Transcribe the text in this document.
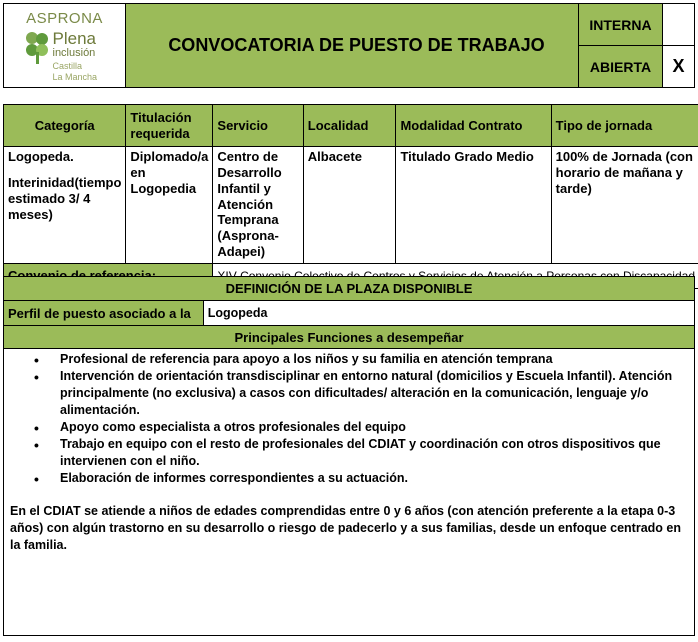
ASPRONA
Plena
inclusión
Castilla
La Mancha	CONVOCATORIA DE PUESTO DE TRABAJO	INTERNA	
		ABIERTA	X
Categoría	Titulación requerida	Servicio	Localidad	Modalidad Contrato	Tipo de jornada

Logopeda.
Interinidad(tiempo estimado 3/ 4 meses)	Diplomado/a en Logopedia	Centro de Desarrollo Infantil y Atención Temprana (Asprona-Adapei)	Albacete	Titulado Grado Medio	100% de Jornada (con horario de mañana y tarde)
Convenio de referencia:		XIV Convenio Colectivo de Centros y Servicios de Atención a Personas con Discapacidad			
DEFINICIÓN DE LA PLAZA DISPONIBLE
Perfil de puesto asociado a la	Logopeda
Principales Funciones a desempeñar

• Profesional de referencia para apoyo a los niños y su familia en atención temprana
• Intervención de orientación transdisciplinar en entorno natural (domicilios y Escuela Infantil). Atención principalmente (no exclusiva) a casos con dificultades/ alteración en la comunicación, lenguaje y/o alimentación.
• Apoyo como especialista a otros profesionales del equipo
• Trabajo en equipo con el resto de profesionales del CDIAT y coordinación con otros dispositivos que intervienen con el niño.
• Elaboración de informes correspondientes a su actuación.
En el CDIAT se atiende a niños de edades comprendidas entre 0 y 6 años (con atención preferente a la etapa 0-3 años) con algún trastorno en su desarrollo o riesgo de padecerlo y a sus familias, desde un enfoque centrado en la familia.
